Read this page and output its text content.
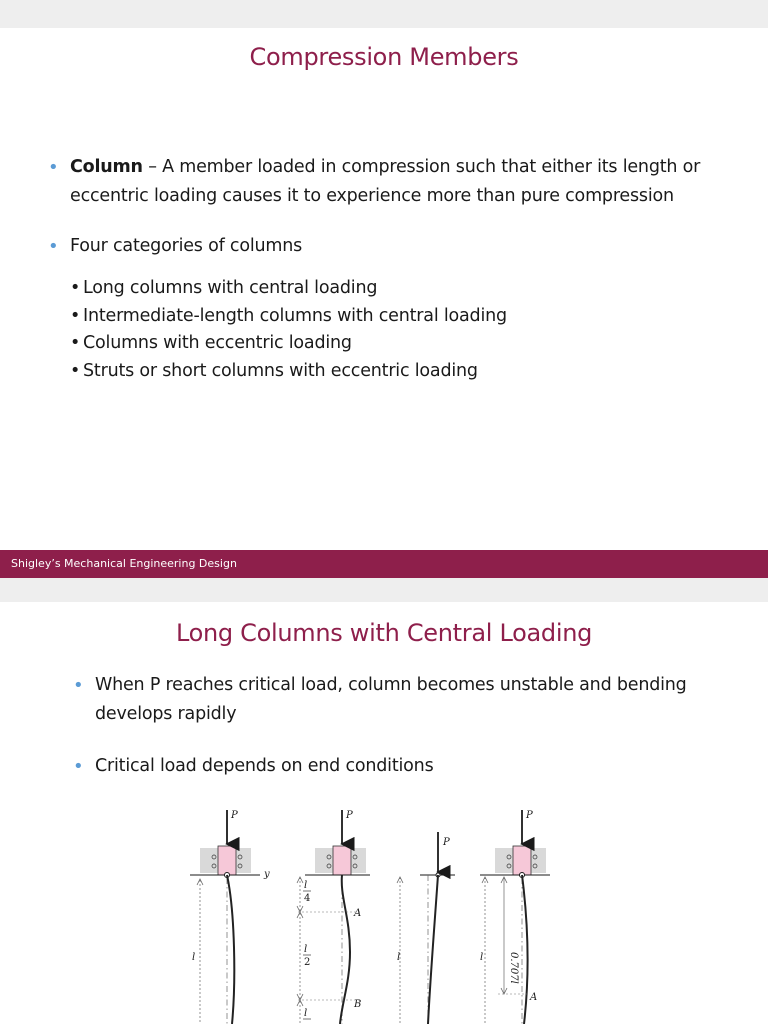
Compression Members
• Column – A member loaded in compression such that either its length or
eccentric loading causes it to experience more than pure compression
• Four categories of columns
• Long columns with central loading
• Intermediate-length columns with central loading
• Columns with eccentric loading
• Struts or short columns with eccentric loading
Shigley’s Mechanical Engineering Design
Long Columns with Central Loading
• When P reaches critical load, column becomes unstable and bending
develops rapidly
• Critical load depends on end conditions
P
y
l
P
l
4
l
2
l
A
B
P
l
P
l 0.707l
A
